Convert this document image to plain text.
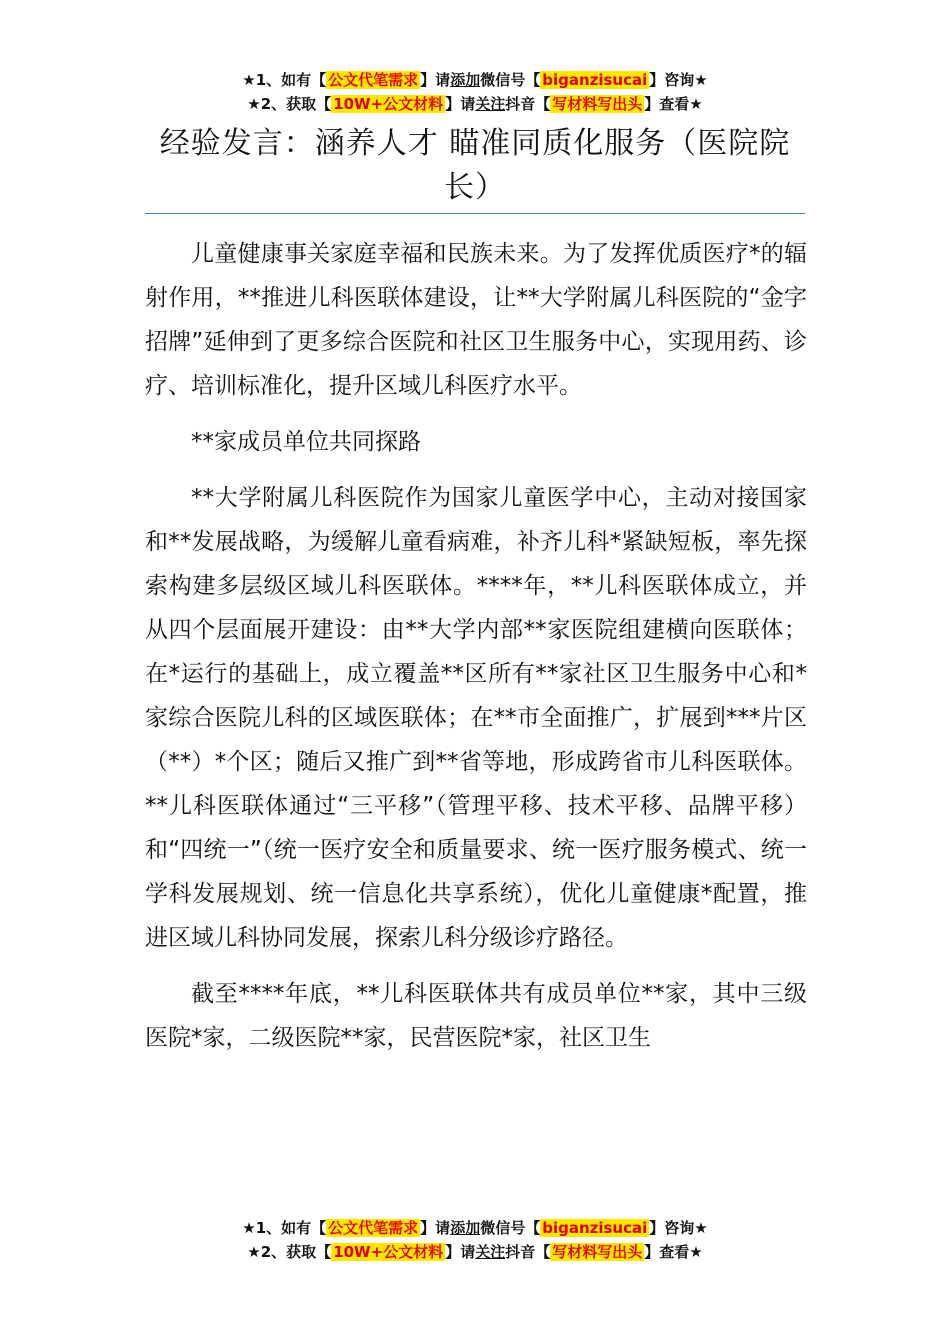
★1、如有【 公文代笔需求 】请添加微信号【 biganzisucai 】咨询★
★2、获取【 10W+公文材料 】请关注抖音【 写材料写出头 】查看★
经验发言：涵养人才 瞄准同质化服务（医院院长）

儿童健康事关家庭幸福和民族未来。为了发挥优质医疗*的辐射作用，**推进儿科医联体建设，让**大学附属儿科医院的“金字招牌”延伸到了更多综合医院和社区卫生服务中心，实现用药、诊疗、培训标准化，提升区域儿科医疗水平。

**家成员单位共同探路

**大学附属儿科医院作为国家儿童医学中心，主动对接国家和**发展战略，为缓解儿童看病难，补齐儿科*紧缺短板，率先探索构建多层级区域儿科医联体。****年，**儿科医联体成立，并从四个层面展开建设：由**大学内部**家医院组建横向医联体；在*运行的基础上，成立覆盖**区所有**家社区卫生服务中心和*家综合医院儿科的区域医联体；在**市全面推广，扩展到***片区（**）*个区；随后又推广到**省等地，形成跨省市儿科医联体。**儿科医联体通过“三平移”（管理平移、技术平移、品牌平移）和“四统一”（统一医疗安全和质量要求、统一医疗服务模式、统一学科发展规划、统一信息化共享系统），优化儿童健康*配置，推进区域儿科协同发展，探索儿科分级诊疗路径。

截至****年底，**儿科医联体共有成员单位**家，其中三级医院*家，二级医院**家，民营医院*家，社区卫生

★1、如有【 公文代笔需求 】请添加微信号【 biganzisucai 】咨询★
★2、获取【 10W+公文材料 】请关注抖音【 写材料写出头 】查看★
